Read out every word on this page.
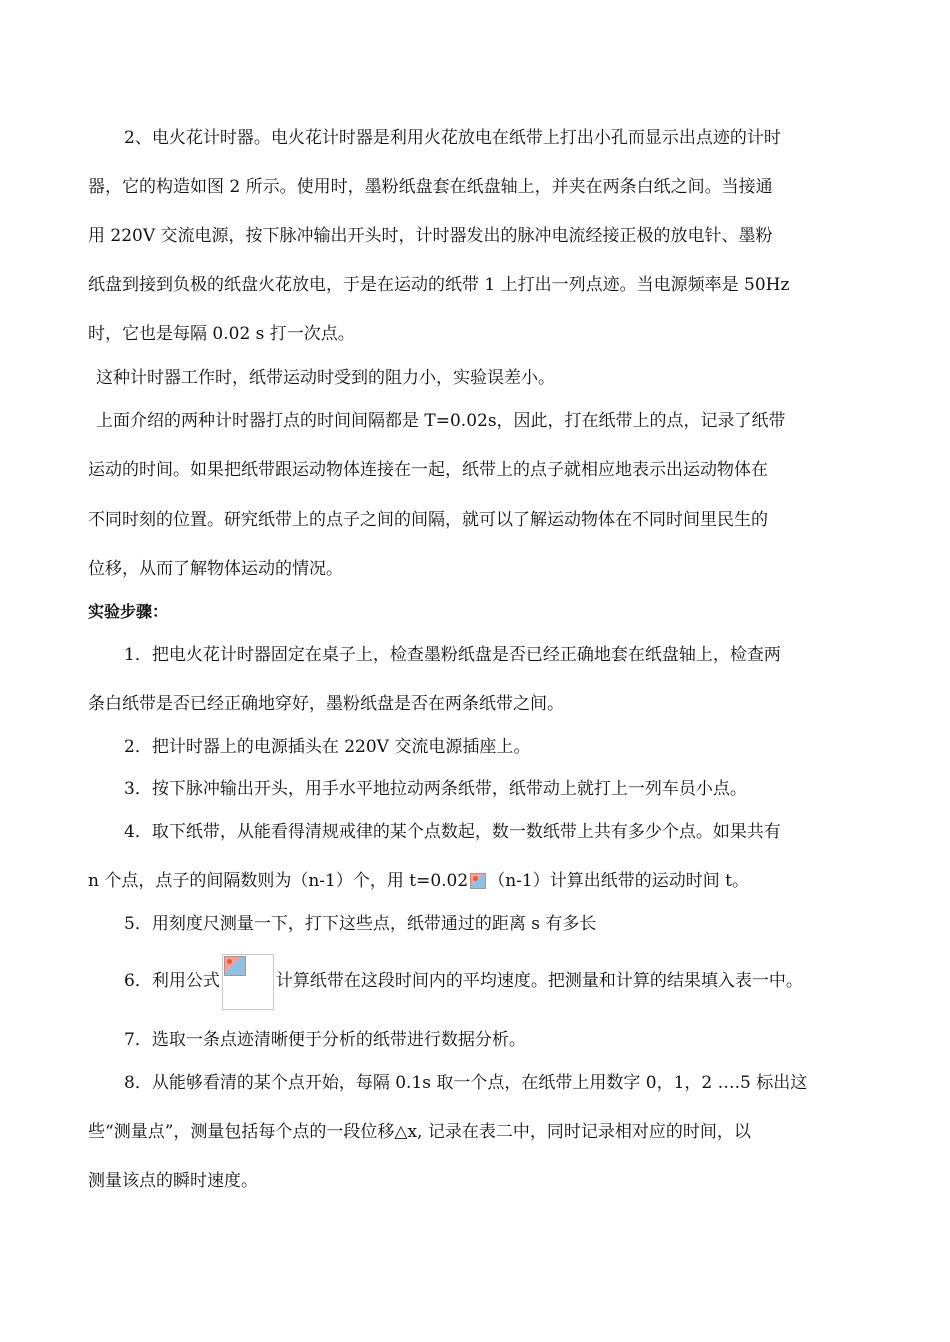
2、电火花计时器。电火花计时器是利用火花放电在纸带上打出小孔而显示出点迹的计时
器，它的构造如图 2 所示。使用时，墨粉纸盘套在纸盘轴上，并夹在两条白纸之间。当接通
用 220V 交流电源，按下脉冲输出开头时，计时器发出的脉冲电流经接正极的放电针、墨粉
纸盘到接到负极的纸盘火花放电，于是在运动的纸带 1 上打出一列点迹。当电源频率是 50Hz
时，它也是每隔 0.02 s 打一次点。
这种计时器工作时，纸带运动时受到的阻力小，实验误差小。
上面介绍的两种计时器打点的时间间隔都是 T=0.02s，因此，打在纸带上的点，记录了纸带
运动的时间。如果把纸带跟运动物体连接在一起，纸带上的点子就相应地表示出运动物体在
不同时刻的位置。研究纸带上的点子之间的间隔，就可以了解运动物体在不同时间里民生的
位移，从而了解物体运动的情况。
实验步骤：
1．把电火花计时器固定在桌子上，检查墨粉纸盘是否已经正确地套在纸盘轴上，检查两
条白纸带是否已经正确地穿好，墨粉纸盘是否在两条纸带之间。
2．把计时器上的电源插头在 220V 交流电源插座上。
3．按下脉冲输出开头，用手水平地拉动两条纸带，纸带动上就打上一列车员小点。
4．取下纸带，从能看得清规戒律的某个点数起，数一数纸带上共有多少个点。如果共有
n 个点，点子的间隔数则为（n-1）个，用 t=0.02 （n-1）计算出纸带的运动时间 t。
5．用刻度尺测量一下，打下这些点，纸带通过的距离 s 有多长
6．利用公式	计算纸带在这段时间内的平均速度。把测量和计算的结果填入表一中。
7．选取一条点迹清晰便于分析的纸带进行数据分析。
8．从能够看清的某个点开始，每隔 0.1s 取一个点，在纸带上用数字 0，1，2 ….5 标出这
些“测量点”，测量包括每个点的一段位移△x, 记录在表二中，同时记录相对应的时间，以
测量该点的瞬时速度。
